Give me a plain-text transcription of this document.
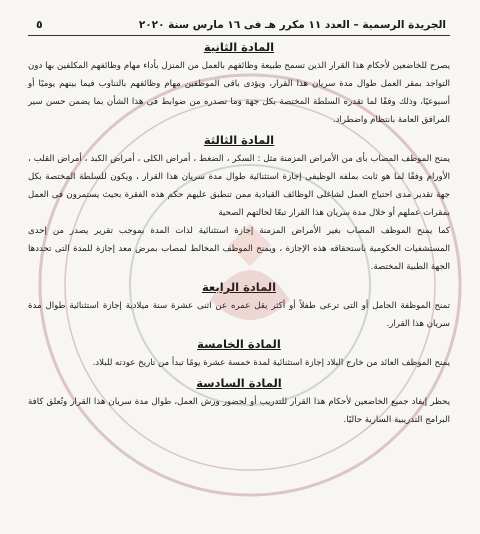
الجريدة الرسمية – العدد ١١ مكرر هـ فى ١٦ مارس سنة ٢٠٢٠
٥
المادة الثانية

يصرح للخاضعين لأحكام هذا القرار الذين تسمح طبيعة وظائفهم بالعمل من المنزل بأداء مهام وظائفهم المكلفين بها دون التواجد بمقر العمل طوال مدة سريان هذا القرار، ويؤدى باقى الموظفين مهام وظائفهم بالتناوب فيما بينهم يوميًا أو أسبوعيًا، وذلك وفقًا لما تقدره السلطة المختصة بكل جهة وما تصدره من ضوابط فى هذا الشأن بما يضمن حسن سير المرافق العامة بانتظام واضطراد.

المادة الثالثة

يمنح الموظف المصاب بأى من الأمراض المزمنة مثل : السكر ، الضغط ، أمراض الكلى ، أمراض الكبد ، أمراض القلب ، الأورام وفقًا لما هو ثابت بملفه الوظيفى إجازة استثنائية طوال مدة سريان هذا القرار ، ويكون للسلطة المختصة بكل جهة تقدير مدى احتياج العمل لشاغلى الوظائف القيادية ممن تنطبق عليهم حكم هذه الفقرة بحيث يستمرون فى العمل بمقرات عملهم أو خلال مدة سريان هذا القرار تبعًا لحالتهم الصحية

كما يمنح الموظف المصاب بغير الأمراض المزمنة إجازة استثنائية لذات المدة بموجب تقرير يصدر من إحدى المستشفيات الحكومية باستحقاقه هذه الإجازة ، ويمنح الموظف المخالط لمصاب بمرض معد إجازة للمدة التى تحددها الجهة الطبية المختصة.

المادة الرابعة

تمنح الموظفة الحامل أو التى ترعى طفلاً أو أكثر يقل عمره عن اثنى عشرة سنة ميلادية إجازة استثنائية طوال مدة سريان هذا القرار.

المادة الخامسة

يمنح الموظف العائد من خارج البلاد إجازة استثنائية لمدة خمسة عشرة يومًا تبدأ من تاريخ عودته للبلاد.

المادة السادسة

يحظر إيفاد جميع الخاضعين لأحكام هذا القرار للتدريب أو لحضور ورش العمل، طوال مدة سريان هذا القرار وتُعلق كافة البرامج التدريبية السارية حاليًا.
